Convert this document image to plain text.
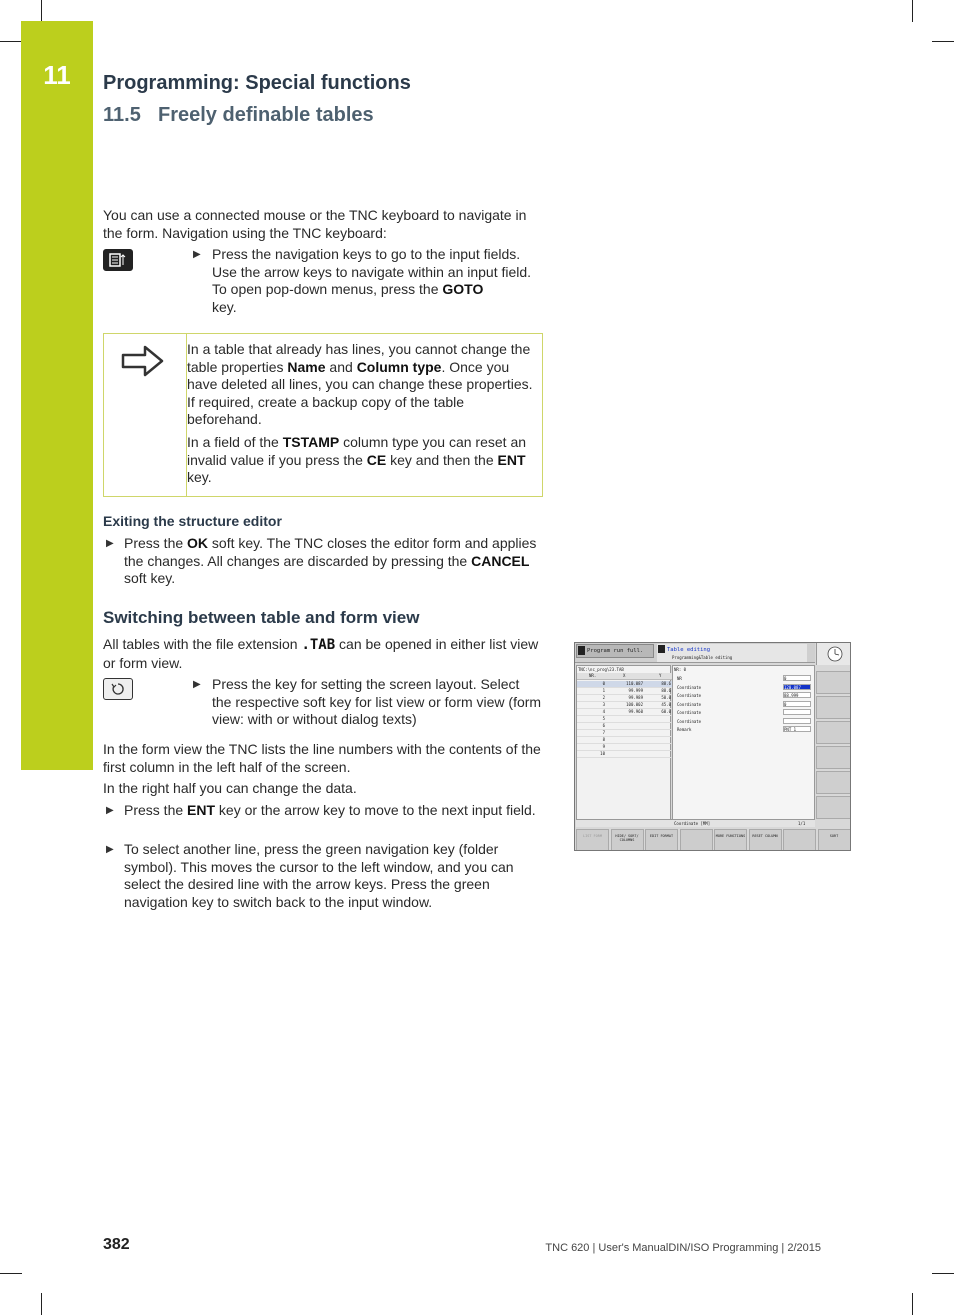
11	Programming: Special functions
11.5 Freely definable tables
You can use a connected mouse or the TNC keyboard to navigate in the form. Navigation using the TNC keyboard:
▶ Press the navigation keys to go to the input fields. Use the arrow keys to navigate within an input field. To open pop-down menus, press the GOTO
key.
In a table that already has lines, you cannot change the table properties Name and Column type. Once you have deleted all lines, you can change these properties. If required, create a backup copy of the table beforehand.
In a field of the TSTAMP column type you can reset an invalid value if you press the CE key and then the ENT key.
Exiting the structure editor
▶ Press the OK soft key. The TNC closes the editor form and applies the changes. All changes are discarded by pressing the CANCEL soft key.
Switching between table and form view
All tables with the file extension .TAB can be opened in either list view or form view.
▶ Press the key for setting the screen layout. Select the respective soft key for list view or form view (form view: with or without dialog texts)
In the form view the TNC lists the line numbers with the contents of the first column in the left half of the screen.
In the right half you can change the data.
▶ Press the ENT key or the arrow key to move to the next input field.
▶ To select another line, press the green navigation key (folder symbol). This moves the cursor to the left window, and you can select the desired line with the arrow keys. Press the green navigation key to switch back to the input window.
Program run full.	Table editing
Programming&Table editing
TNC:\nc_prog\23.TAB
NR.	X	Y
0	110.087	88.6
1	99.999	88.6
2	99.989	50.0
3	100.002	45.0
4	99.960	60.0
5
6
7
8
9
10
NR: 0
NR	0
Coordinate	120.087
Coordinate	88.999
Coordinate	0
Coordinate
Coordinate
Remark	PNT 1
Coordinate [MM]	1/1
LIST FORM	HIDE/ SORT/ COLUMNS
EDIT FORMAT	MORE FUNCTIONS	RESET COLUMN	SORT
382	TNC 620 | User's ManualDIN/ISO Programming | 2/2015
